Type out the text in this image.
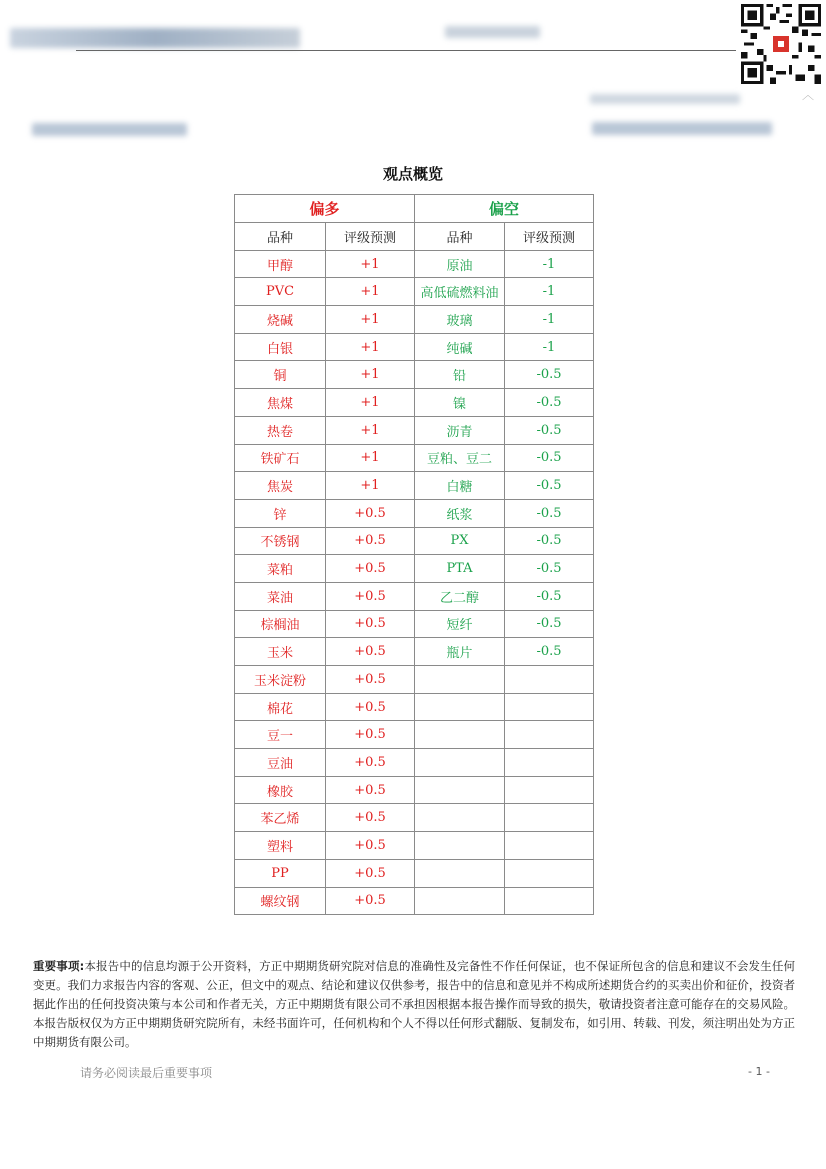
︿
观点概览
偏多		偏空	
品种	评级预测	品种	评级预测
甲醇	+1	原油	-1
PVC	+1	高低硫燃料油	-1
烧碱	+1	玻璃	-1
白银	+1	纯碱	-1
铜	+1	铅	-0.5
焦煤	+1	镍	-0.5
热卷	+1	沥青	-0.5
铁矿石	+1	豆粕、豆二	-0.5
焦炭	+1	白糖	-0.5
锌	+0.5	纸浆	-0.5
不锈钢	+0.5	PX	-0.5
菜粕	+0.5	PTA	-0.5
菜油	+0.5	乙二醇	-0.5
棕榈油	+0.5	短纤	-0.5
玉米	+0.5	瓶片	-0.5
玉米淀粉	+0.5		
棉花	+0.5		
豆一	+0.5		
豆油	+0.5		
橡胶	+0.5		
苯乙烯	+0.5		
塑料	+0.5		
PP	+0.5		
螺纹钢	+0.5		
重要事项:本报告中的信息均源于公开资料，方正中期期货研究院对信息的准确性及完备性不作任何保证，也不保证所包含的信息和建议不会发生任何变更。我们力求报告内容的客观、公正，但文中的观点、结论和建议仅供参考，报告中的信息和意见并不构成所述期货合约的买卖出价和征价，投资者据此作出的任何投资决策与本公司和作者无关，方正中期期货有限公司不承担因根据本报告操作而导致的损失，敬请投资者注意可能存在的交易风险。本报告版权仅为方正中期期货研究院所有，未经书面许可，任何机构和个人不得以任何形式翻版、复制发布，如引用、转载、刊发，须注明出处为方正中期期货有限公司。
请务必阅读最后重要事项	- 1 -
